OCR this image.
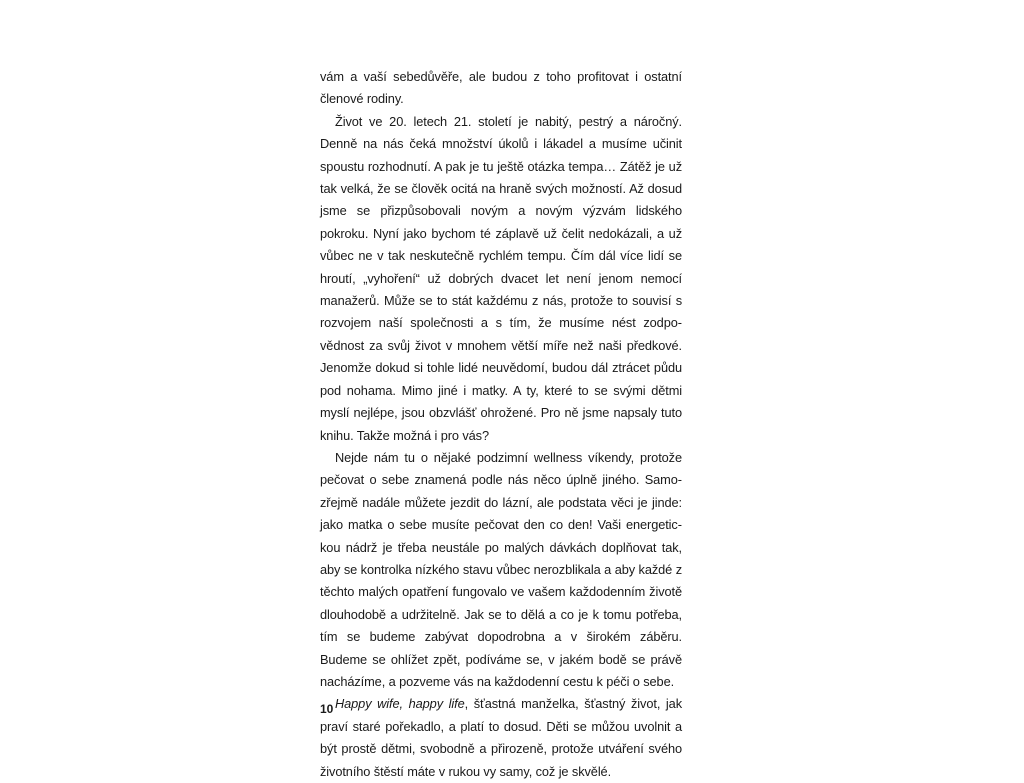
vám a vaší sebedůvěře, ale budou z toho profitovat i ostatní členové rodiny.

Život ve 20. letech 21. století je nabitý, pestrý a náročný. Denně na nás čeká množství úkolů i lákadel a musíme učinit spoustu rozhodnutí. A pak je tu ještě otázka tempa… Zátěž je už tak velká, že se člověk ocitá na hraně svých možností. Až dosud jsme se přizpůsobovali novým a novým výzvám lidského pokroku. Nyní jako bychom té záplavě už čelit nedokázali, a už vůbec ne v tak neskutečně rychlém tempu. Čím dál více lidí se hroutí, „vyhoření“ už dobrých dvacet let není jenom nemocí manažerů. Může se to stát každému z nás, protože to souvisí s rozvojem naší společnosti a s tím, že musíme nést zodpovědnost za svůj život v mnohem větší míře než naši předkové. Jenomže dokud si tohle lidé neuvědomí, budou dál ztrácet půdu pod nohama. Mimo jiné i matky. A ty, které to se svými dětmi myslí nejlépe, jsou obzvlášť ohrožené. Pro ně jsme napsaly tuto knihu. Takže možná i pro vás?

Nejde nám tu o nějaké podzimní wellness víkendy, protože pečovat o sebe znamená podle nás něco úplně jiného. Samozřejmě nadále můžete jezdit do lázní, ale podstata věci je jinde: jako matka o sebe musíte pečovat den co den! Vaši energetickou nádrž je třeba neustále po malých dávkách doplňovat tak, aby se kontrolka nízkého stavu vůbec nerozblikala a aby každé z těchto malých opatření fungovalo ve vašem každodenním životě dlouhodobě a udržitelně. Jak se to dělá a co je k tomu potřeba, tím se budeme zabývat dopodrobna a v širokém záběru. Budeme se ohlížet zpět, podíváme se, v jakém bodě se právě nacházíme, a pozveme vás na každodenní cestu k péči o sebe.

Happy wife, happy life, šťastná manželka, šťastný život, jak praví staré pořekadlo, a platí to dosud. Děti se můžou uvolnit a být prostě dětmi, svobodně a přirozeně, protože utváření svého životního štěstí máte v rukou vy samy, což je skvělé.

10
